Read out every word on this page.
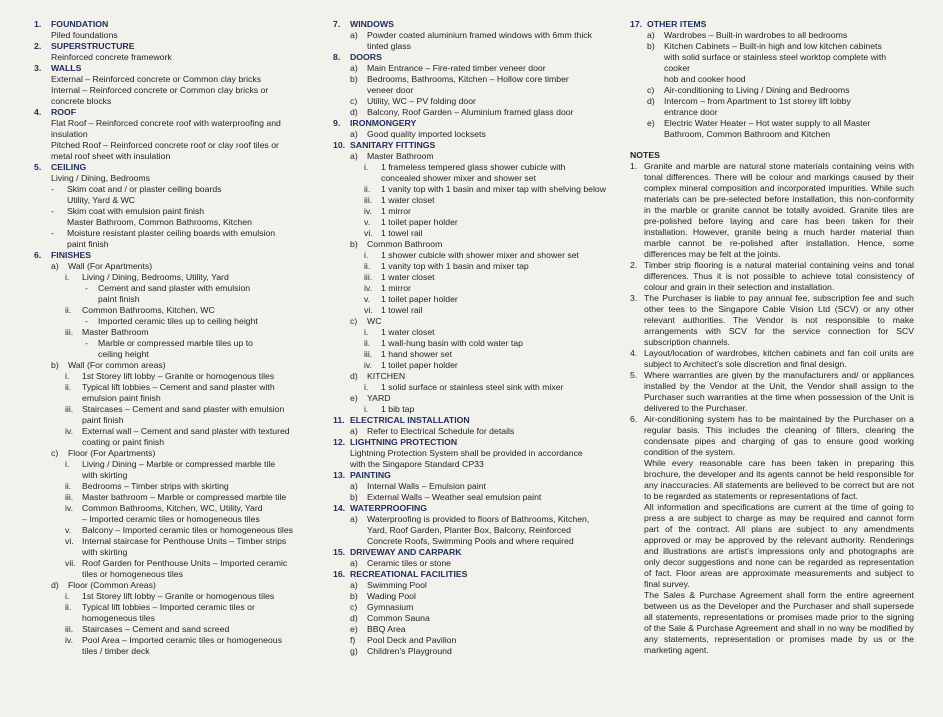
1. FOUNDATION
Piled foundations
2. SUPERSTRUCTURE
Reinforced concrete framework
3. WALLS
External – Reinforced concrete or Common clay bricks
Internal – Reinforced concrete or Common clay bricks or
concrete blocks
4. ROOF
Flat Roof – Reinforced concrete roof with waterproofing and
insulation
Pitched Roof – Reinforced concrete roof or clay roof tiles or
metal roof sheet with insulation
5. CEILING
Living / Dining, Bedrooms
- Skim coat and / or plaster ceiling boards
Utility, Yard & WC
- Skim coat with emulsion paint finish
Master Bathroom, Common Bathrooms, Kitchen
- Moisture resistant plaster ceiling boards with emulsion
paint finish
6. FINISHES
a) Wall (For Apartments)
i. Living / Dining, Bedrooms, Utility, Yard
- Cement and sand plaster with emulsion
paint finish
ii. Common Bathrooms, Kitchen, WC
- Imported ceramic tiles up to ceiling height
iii. Master Bathroom
- Marble or compressed marble tiles up to
ceiling height
b) Wall (For common areas)
i. 1st Storey lift lobby – Granite or homogenous tiles
ii. Typical lift lobbies – Cement and sand plaster with
emulsion paint finish
iii. Staircases – Cement and sand plaster with emulsion
paint finish
iv. External wall – Cement and sand plaster with textured
coating or paint finish
c) Floor (For Apartments)
i. Living / Dining – Marble or compressed marble tile
with skirting
ii. Bedrooms – Timber strips with skirting
iii. Master bathroom – Marble or compressed marble tile
iv. Common Bathrooms, Kitchen, WC, Utility, Yard
– Imported ceramic tiles or homogeneous tiles
v. Balcony – Imported ceramic tiles or homogeneous tiles
vi. Internal staircase for Penthouse Units – Timber strips
with skirting
vii. Roof Garden for Penthouse Units – Imported ceramic
tiles or homogeneous tiles
d) Floor (Common Areas)
i. 1st Storey lift lobby – Granite or homogenous tiles
ii. Typical lift lobbies – Imported ceramic tiles or
homogeneous tiles
iii. Staircases – Cement and sand screed
iv. Pool Area – Imported ceramic tiles or homogeneous
tiles / timber deck
7. WINDOWS
a) Powder coated aluminium framed windows with 6mm thick
tinted glass
8. DOORS
a) Main Entrance – Fire-rated timber veneer door
b) Bedrooms, Bathrooms, Kitchen – Hollow core timber
veneer door
c) Utility, WC – PV folding door
d) Balcony, Roof Garden – Aluminium framed glass door
9. IRONMONGERY
a) Good quality imported locksets
10. SANITARY FITTINGS
a) Master Bathroom
i. 1 frameless tempered glass shower cubicle with
concealed shower mixer and shower set
ii. 1 vanity top with 1 basin and mixer tap with shelving below
iii. 1 water closet
iv. 1 mirror
v. 1 toilet paper holder
vi. 1 towel rail
b) Common Bathroom
i. 1 shower cubicle with shower mixer and shower set
ii. 1 vanity top with 1 basin and mixer tap
iii. 1 water closet
iv. 1 mirror
v. 1 toilet paper holder
vi. 1 towel rail
c) WC
i. 1 water closet
ii. 1 wall-hung basin with cold water tap
iii. 1 hand shower set
iv. 1 toilet paper holder
d) KITCHEN
i. 1 solid surface or stainless steel sink with mixer
e) YARD
i. 1 bib tap
11. ELECTRICAL INSTALLATION
a) Refer to Electrical Schedule for details
12. LIGHTNING PROTECTION
Lightning Protection System shall be provided in accordance
with the Singapore Standard CP33
13. PAINTING
a) Internal Walls – Emulsion paint
b) External Walls – Weather seal emulsion paint
14. WATERPROOFING
a) Waterproofing is provided to floors of Bathrooms, Kitchen,
Yard, Roof Garden, Planter Box, Balcony, Reinforced
Concrete Roofs, Swimming Pools and where required
15. DRIVEWAY AND CARPARK
a) Ceramic tiles or stone
16. RECREATIONAL FACILITIES
a) Swimming Pool
b) Wading Pool
c) Gymnasium
d) Common Sauna
e) BBQ Area
f) Pool Deck and Pavilion
g) Children’s Playground
17. OTHER ITEMS
a) Wardrobes – Built-in wardrobes to all bedrooms
b) Kitchen Cabinets – Built-in high and low kitchen cabinets
with solid surface or stainless steel worktop complete with cooker
hob and cooker hood
c) Air-conditioning to Living / Dining and Bedrooms
d) Intercom – from Apartment to 1st storey lift lobby
entrance door
e) Electric Water Heater – Hot water supply to all Master
Bathroom, Common Bathroom and Kitchen
NOTES
1. Granite and marble are natural stone materials containing veins with tonal differences. There will be colour and markings caused by their complex mineral composition and incorporated impurities. While such materials can be pre-selected before installation, this non-conformity in the marble or granite cannot be totally avoided. Granite tiles are pre-polished before laying and care has been taken for their installation. However, granite being a much harder material than marble cannot be re-polished after installation. Hence, some differences may be felt at the joints.
2. Timber strip flooring is a natural material containing veins and tonal differences. Thus it is not possible to achieve total consistency of colour and grain in their selection and installation.
3. The Purchaser is liable to pay annual fee, subscription fee and such other tees to the Singapore Cable Vision Ltd (SCV) or any other relevant authorities. The Vendor is not responsible to make arrangements with SCV for the service connection for SCV subscription channels.
4. Layout/location of wardrobes, kitchen cabinets and fan coil units are subject to Architect’s sole discretion and final design.
5. Where warranties are given by the manufacturers and/ or appliances installed by the Vendor at the Unit, the Vendor shall assign to the Purchaser such warranties at the time when possession of the Unit is delivered to the Purchaser.
6. Air-conditioning system has to be maintained by the Purchaser on a regular basis. This includes the cleaning of filters, clearing the condensate pipes and charging of gas to ensure good working condition of the system.
While every reasonable care has been taken in preparing this brochure, the developer and its agents cannot be held responsible for any inaccuracies. All statements are believed to be correct but are not to be regarded as statements or representations of fact.
All information and specifications are current at the time of going to press a are subject to charge as may be required and cannot form part of the contract. All plans are subject to any amendments approved or may be approved by the relevant authority. Renderings and illustrations are artist’s impressions only and photographs are only decor suggestions and none can be regarded as representation of fact. Floor areas are approximate measurements and subject to final survey.
The Sales & Purchase Agreement shall form the entire agreement between us as the Developer and the Purchaser and shall supersede all statements, representations or promises made prior to the signing of the Sale & Purchase Agreement and shall in no way be modified by any statements, representation or promises made by us or the marketing agent.
